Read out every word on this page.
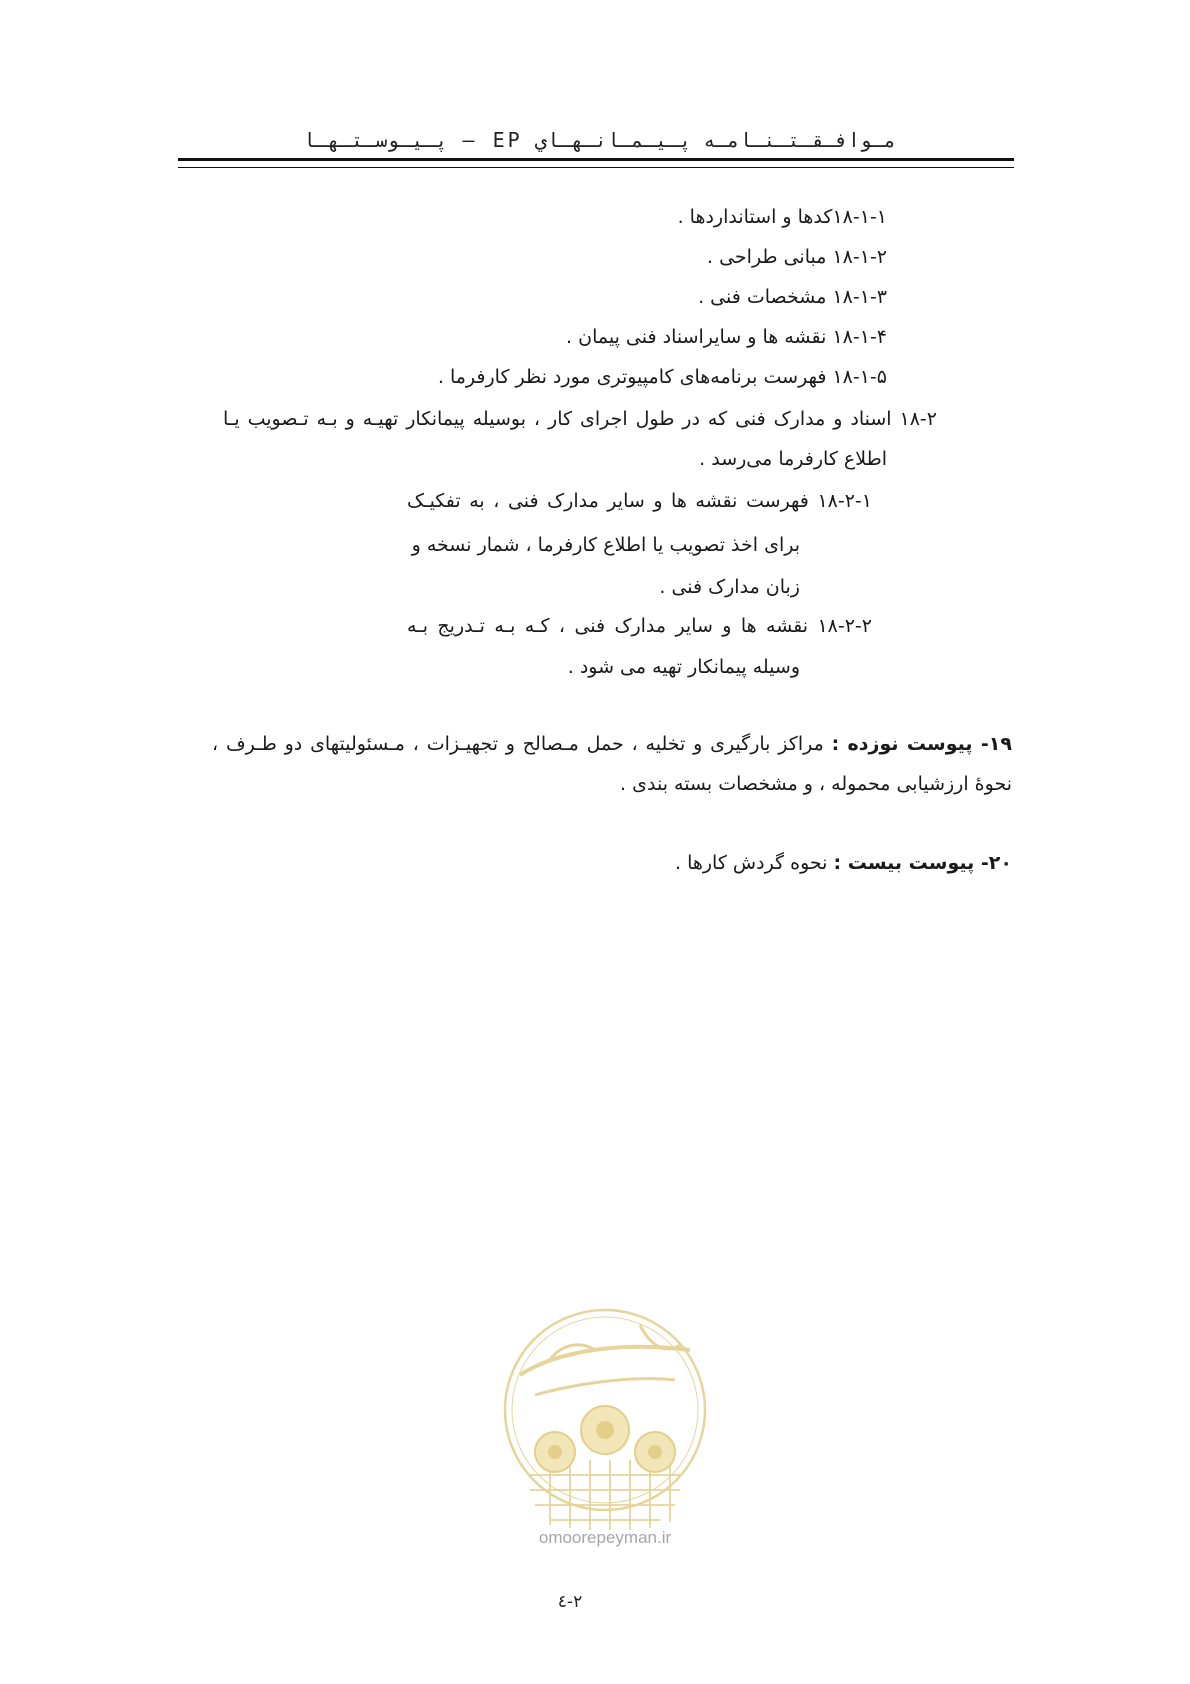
مـوافـقـتـنـامـه پـيـمـانـهـاي EP – پـيـوسـتـهـا
۱۸-۱-۱کدها و استانداردها .
۱۸-۱-۲ مبانی طراحی .
۱۸-۱-۳ مشخصات فنی .
۱۸-۱-۴ نقشه ها و سایراسناد فنی پیمان .
۱۸-۱-۵ فهرست برنامه‌های کامپیوتری مورد نظر کارفرما .
۱۸-۲ اسناد و مدارک فنی که در طول اجرای کار ، بوسیله پیمانکار تهیـه و بـه تـصویب یـا
اطلاع کارفرما می‌رسد .
۱۸-۲-۱ فهرست نقشه ها و سایر مدارک فنی ، به تفکیـک
برای اخذ تصویب یا اطلاع کارفرما ، شمار نسخه و
زبان مدارک فنی .
۱۸-۲-۲ نقشه ها و سایر مدارک فنی ، کـه بـه تـدریج بـه
وسیله پیمانکار تهیه می شود .
۱۹- پیوست نوزده : مراکز بارگیری و تخلیه ، حمل مـصالح و تجهیـزات ، مـسئولیتهای دو طـرف ،
نحوهٔ ارزشیابی محموله ، و مشخصات بسته بندی .
۲۰- پیوست بیست : نحوه گردش کارها .
omoorepeyman.ir
۲-٤
